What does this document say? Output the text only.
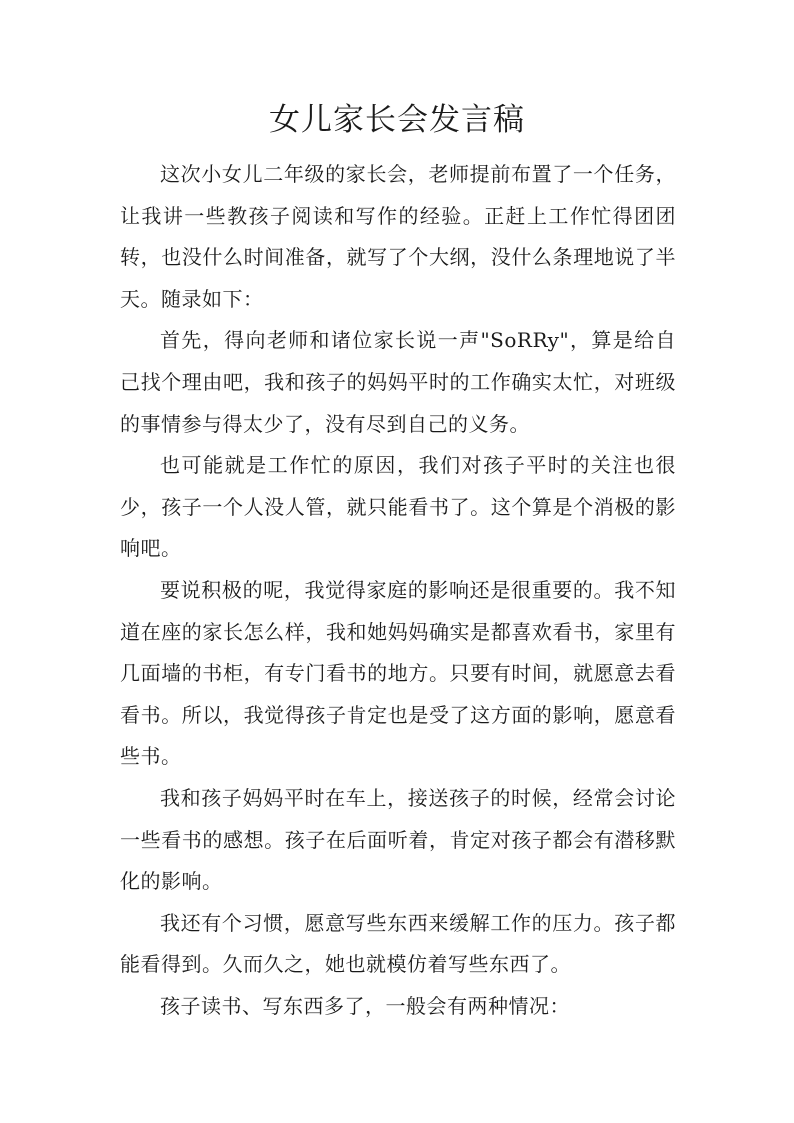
女儿家长会发言稿

这次小女儿二年级的家长会，老师提前布置了一个任务，让我讲一些教孩子阅读和写作的经验。正赶上工作忙得团团转，也没什么时间准备，就写了个大纲，没什么条理地说了半天。随录如下：

首先，得向老师和诸位家长说一声"SoRRy"，算是给自己找个理由吧，我和孩子的妈妈平时的工作确实太忙，对班级的事情参与得太少了，没有尽到自己的义务。

也可能就是工作忙的原因，我们对孩子平时的关注也很少，孩子一个人没人管，就只能看书了。这个算是个消极的影响吧。

要说积极的呢，我觉得家庭的影响还是很重要的。我不知道在座的家长怎么样，我和她妈妈确实是都喜欢看书，家里有几面墙的书柜，有专门看书的地方。只要有时间，就愿意去看看书。所以，我觉得孩子肯定也是受了这方面的影响，愿意看些书。

我和孩子妈妈平时在车上，接送孩子的时候，经常会讨论一些看书的感想。孩子在后面听着，肯定对孩子都会有潜移默化的影响。

我还有个习惯，愿意写些东西来缓解工作的压力。孩子都能看得到。久而久之，她也就模仿着写些东西了。

孩子读书、写东西多了，一般会有两种情况：
